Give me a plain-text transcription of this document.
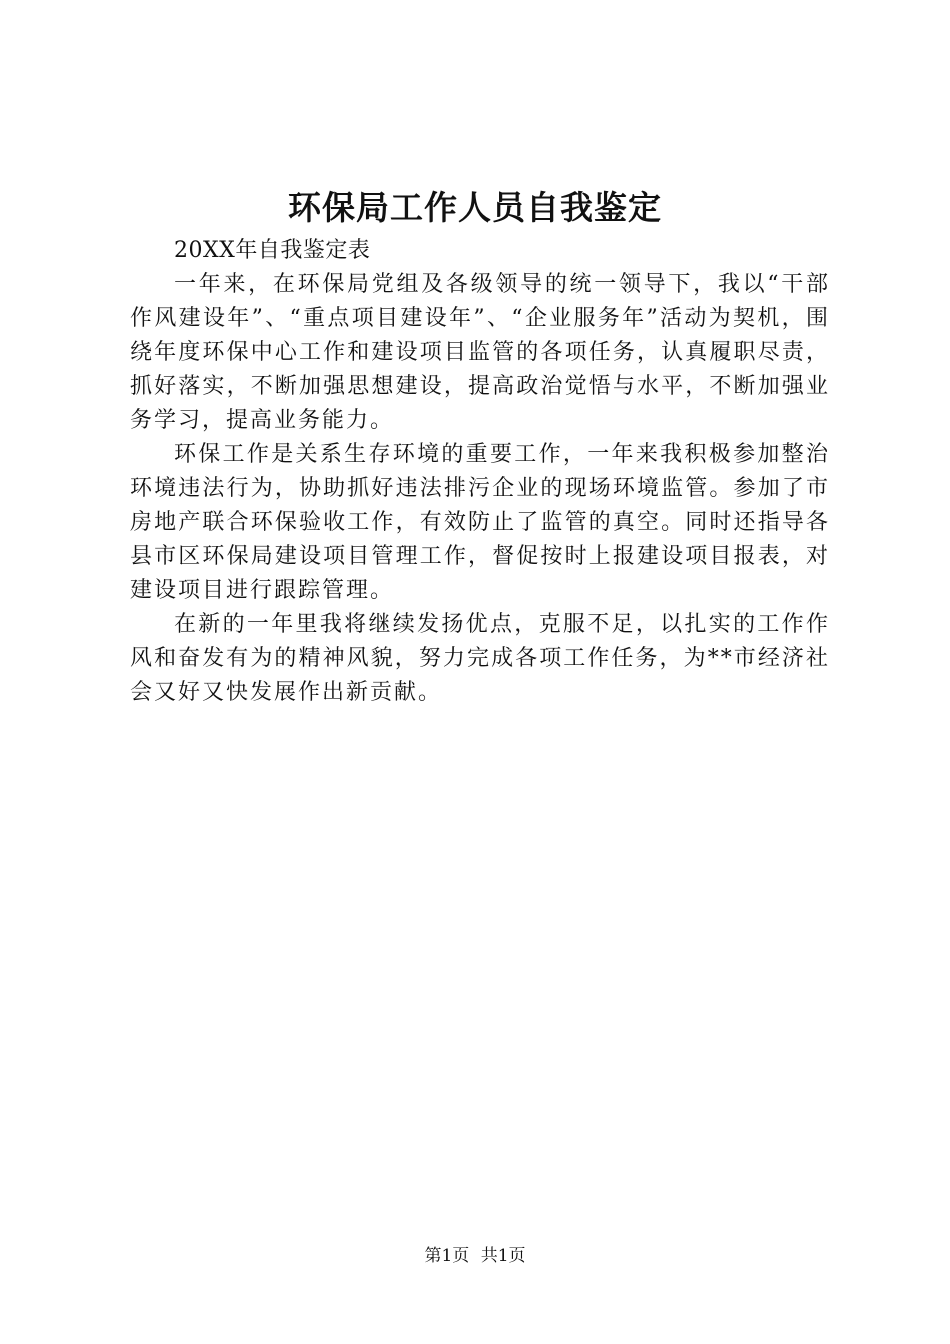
环保局工作人员自我鉴定

20XX年自我鉴定表

一年来，在环保局党组及各级领导的统一领导下，我以“干部作风建设年”、“重点项目建设年”、“企业服务年”活动为契机，围绕年度环保中心工作和建设项目监管的各项任务，认真履职尽责，抓好落实，不断加强思想建设，提高政治觉悟与水平，不断加强业务学习，提高业务能力。

环保工作是关系生存环境的重要工作，一年来我积极参加整治环境违法行为，协助抓好违法排污企业的现场环境监管。参加了市房地产联合环保验收工作，有效防止了监管的真空。同时还指导各县市区环保局建设项目管理工作，督促按时上报建设项目报表，对建设项目进行跟踪管理。

在新的一年里我将继续发扬优点，克服不足，以扎实的工作作风和奋发有为的精神风貌，努力完成各项工作任务，为**市经济社会又好又快发展作出新贡献。

第1页 共1页
